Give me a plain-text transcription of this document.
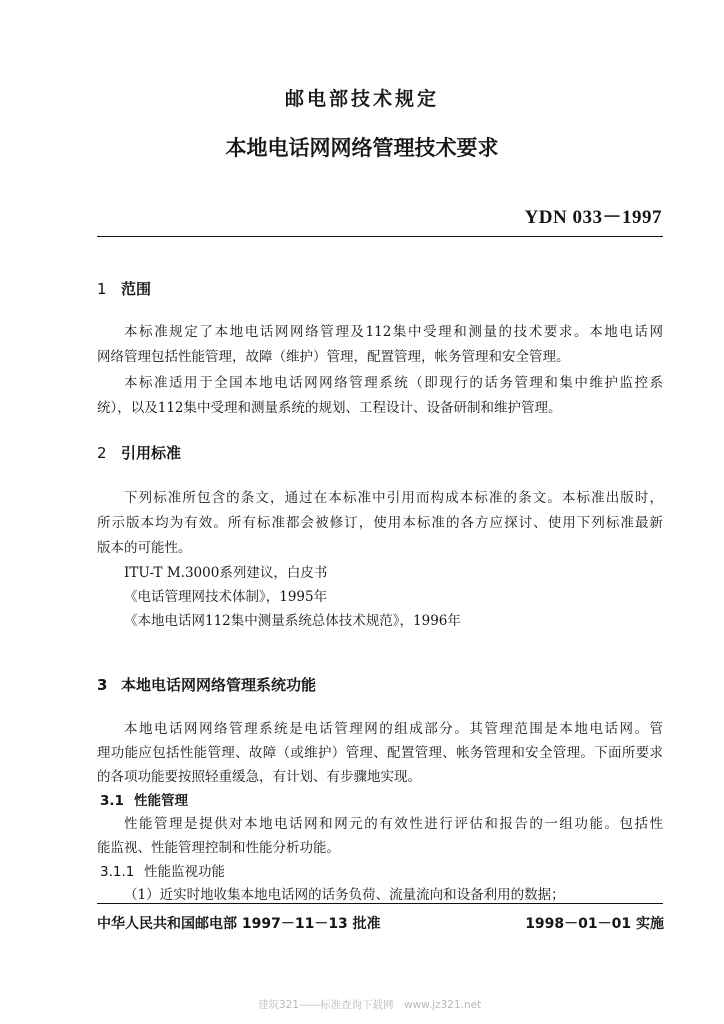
邮电部技术规定
本地电话网网络管理技术要求
YDN 033－1997
1 范围
本标准规定了本地电话网网络管理及112集中受理和测量的技术要求。本地电话网
网络管理包括性能管理，故障（维护）管理，配置管理，帐务管理和安全管理。
本标准适用于全国本地电话网网络管理系统（即现行的话务管理和集中维护监控系
统），以及112集中受理和测量系统的规划、工程设计、设备研制和维护管理。
2 引用标准
下列标准所包含的条文，通过在本标准中引用而构成本标准的条文。本标准出版时，
所示版本均为有效。所有标准都会被修订，使用本标准的各方应探讨、使用下列标准最新
版本的可能性。
ITU-T M.3000系列建议，白皮书
《电话管理网技术体制》，1995年
《本地电话网112集中测量系统总体技术规范》，1996年
3 本地电话网网络管理系统功能
本地电话网网络管理系统是电话管理网的组成部分。其管理范围是本地电话网。管
理功能应包括性能管理、故障（或维护）管理、配置管理、帐务管理和安全管理。下面所要求
的各项功能要按照轻重缓急，有计划、有步骤地实现。
3.1 性能管理
性能管理是提供对本地电话网和网元的有效性进行评估和报告的一组功能。包括性
能监视、性能管理控制和性能分析功能。
3.1.1 性能监视功能
（1）近实时地收集本地电话网的话务负荷、流量流向和设备利用的数据；
中华人民共和国邮电部 1997－11－13 批准	1998－01－01 实施
建筑321——标准查询下载网　www.jz321.net
